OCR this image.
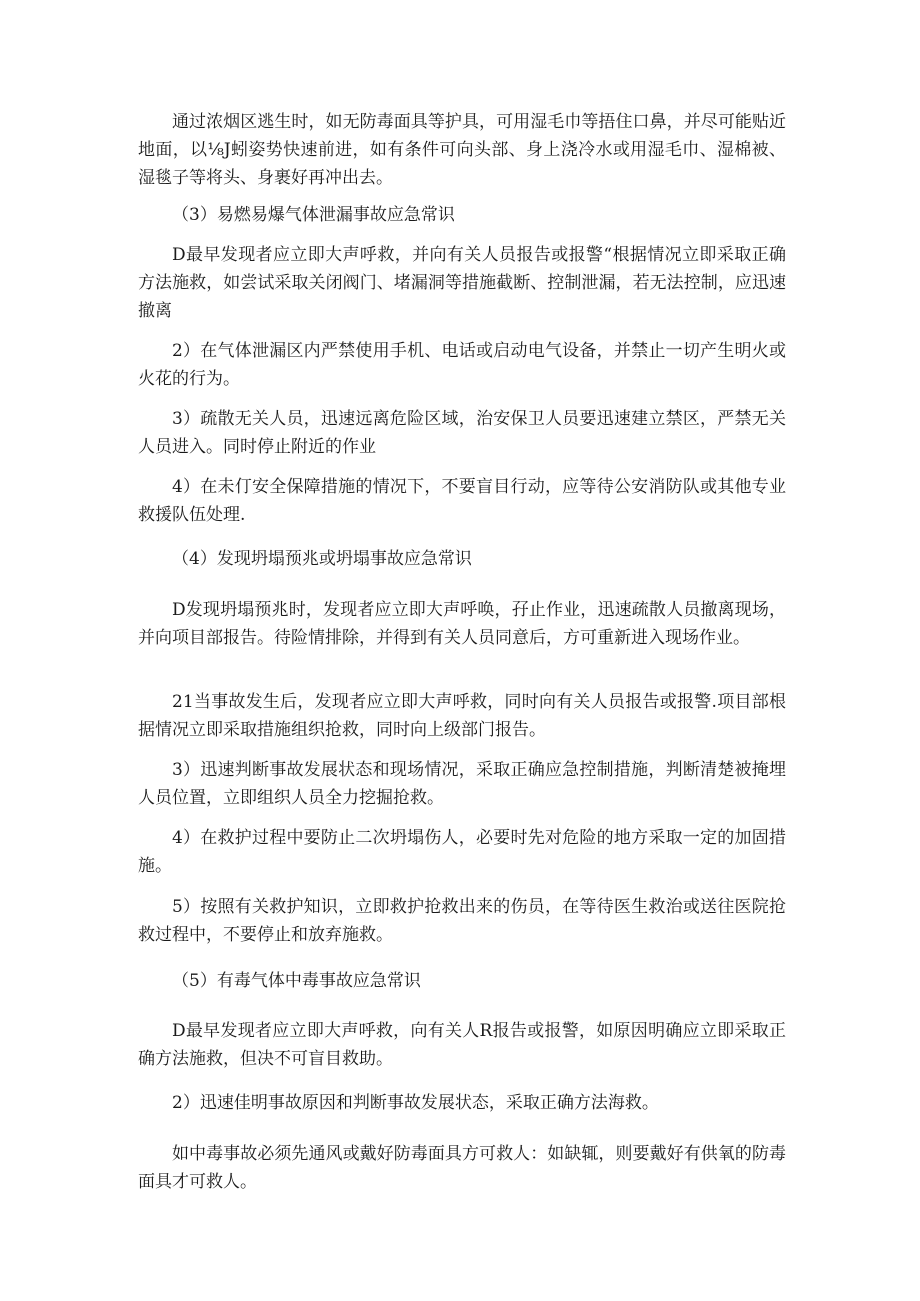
通过浓烟区逃生时，如无防毒面具等护具，可用湿毛巾等捂住口鼻，并尽可能贴近地面，以⅛J蚓姿势快速前进，如有条件可向头部、身上浇冷水或用湿毛巾、湿棉被、湿毯子等将头、身裹好再冲出去。

（3）易燃易爆气体泄漏事故应急常识

D最早发现者应立即大声呼救，并向有关人员报告或报警“根据情况立即采取正确方法施救，如尝试采取关闭阀门、堵漏洞等措施截断、控制泄漏，若无法控制，应迅速撤离

2）在气体泄漏区内严禁使用手机、电话或启动电气设备，并禁止一切产生明火或火花的行为。

3）疏散无关人员，迅速远离危险区域，治安保卫人员要迅速建立禁区，严禁无关人员进入。同时停止附近的作业

4）在未仃安全保障措施的情况下，不要盲目行动，应等待公安消防队或其他专业救援队伍处理.

（4）发现坍塌预兆或坍塌事故应急常识

D发现坍塌预兆时，发现者应立即大声呼唤，孖止作业，迅速疏散人员撤离现场，并向项目部报告。待险情排除，并得到有关人员同意后，方可重新进入现场作业。

21当事故发生后，发现者应立即大声呼救，同时向有关人员报告或报警.项目部根据情况立即采取措施组织抢救，同时向上级部门报告。

3）迅速判断事故发展状态和现场情况，采取正确应急控制措施，判断清楚被掩埋人员位置，立即组织人员全力挖掘抢救。

4）在救护过程中要防止二次坍塌伤人，必要时先对危险的地方采取一定的加固措施。

5）按照有关救护知识，立即救护抢救出来的伤员，在等待医生救治或送往医院抢救过程中，不要停止和放弃施救。

（5）有毒气体中毒事故应急常识

D最早发现者应立即大声呼救，向有关人R报告或报警，如原因明确应立即采取正确方法施救，但决不可盲目救助。

2）迅速佳明事故原因和判断事故发展状态，采取正确方法海救。

如中毒事故必须先通风或戴好防毒面具方可救人：如缺辄，则要戴好有供氧的防毒面具才可救人。
